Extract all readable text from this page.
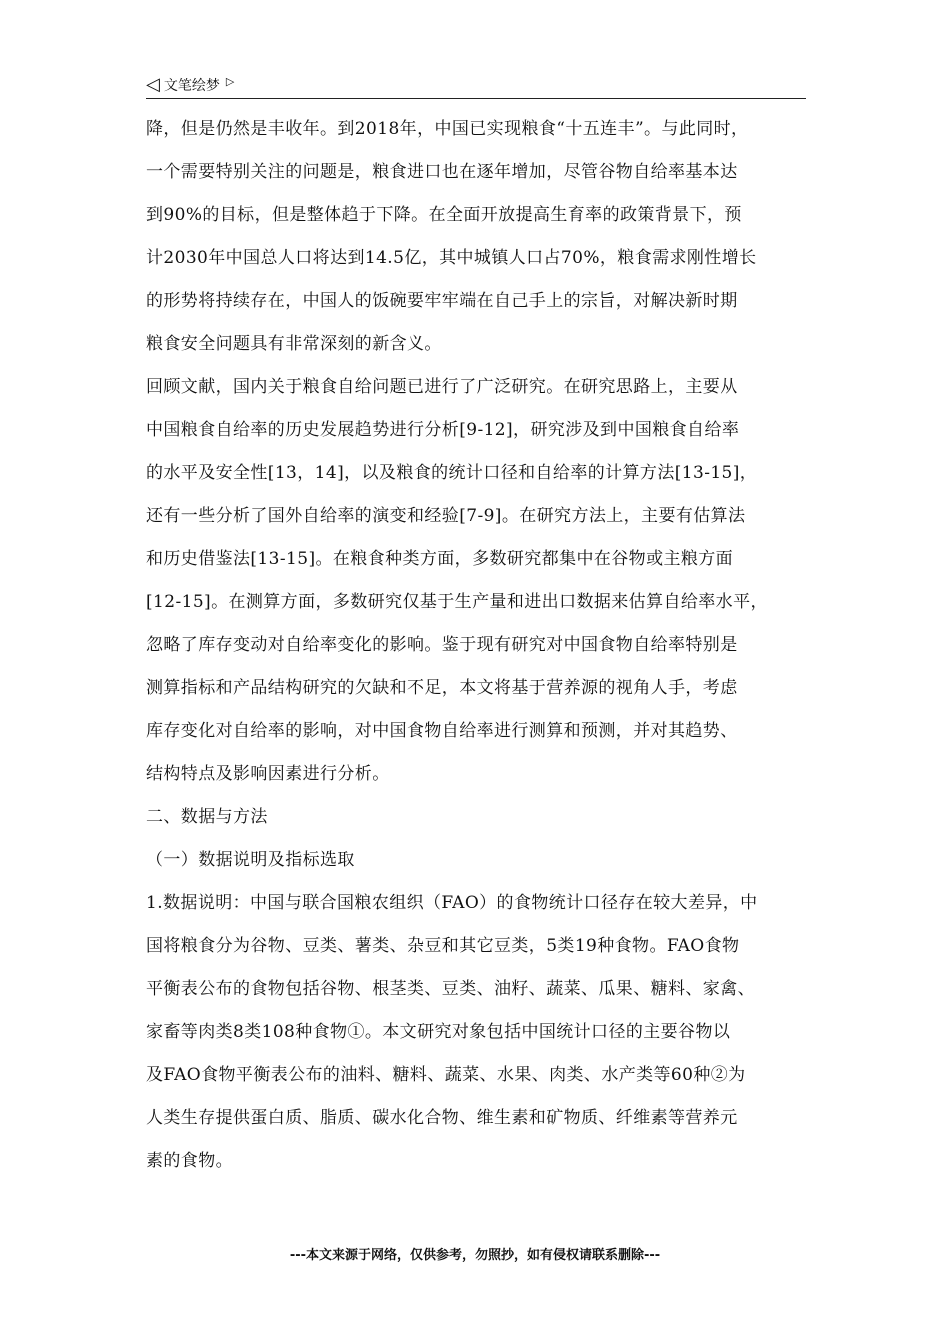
◁ 文笔绘梦 ▷
降，但是仍然是丰收年。到2018年，中国已实现粮食“十五连丰”。与此同时，
一个需要特别关注的问题是，粮食进口也在逐年增加，尽管谷物自给率基本达
到90%的目标，但是整体趋于下降。在全面开放提高生育率的政策背景下，预
计2030年中国总人口将达到14.5亿，其中城镇人口占70%，粮食需求刚性增长
的形势将持续存在，中国人的饭碗要牢牢端在自己手上的宗旨，对解决新时期
粮食安全问题具有非常深刻的新含义。
回顾文献，国内关于粮食自给问题已进行了广泛研究。在研究思路上，主要从
中国粮食自给率的历史发展趋势进行分析[9-12]，研究涉及到中国粮食自给率
的水平及安全性[13，14]，以及粮食的统计口径和自给率的计算方法[13-15]，
还有一些分析了国外自给率的演变和经验[7-9]。在研究方法上，主要有估算法
和历史借鉴法[13-15]。在粮食种类方面，多数研究都集中在谷物或主粮方面
[12-15]。在测算方面，多数研究仅基于生产量和进出口数据来估算自给率水平，
忽略了库存变动对自给率变化的影响。鉴于现有研究对中国食物自给率特别是
测算指标和产品结构研究的欠缺和不足，本文将基于营养源的视角人手，考虑
库存变化对自给率的影响，对中国食物自给率进行测算和预测，并对其趋势、
结构特点及影响因素进行分析。
二、数据与方法
（一）数据说明及指标选取
1.数据说明：中国与联合国粮农组织（FAO）的食物统计口径存在较大差异，中
国将粮食分为谷物、豆类、薯类、杂豆和其它豆类，5类19种食物。FAO食物
平衡表公布的食物包括谷物、根茎类、豆类、油籽、蔬菜、瓜果、糖料、家禽、
家畜等肉类8类108种食物①。本文研究对象包括中国统计口径的主要谷物以
及FAO食物平衡表公布的油料、糖料、蔬菜、水果、肉类、水产类等60种②为
人类生存提供蛋白质、脂质、碳水化合物、维生素和矿物质、纤维素等营养元
素的食物。
---本文来源于网络，仅供参考，勿照抄，如有侵权请联系删除---
